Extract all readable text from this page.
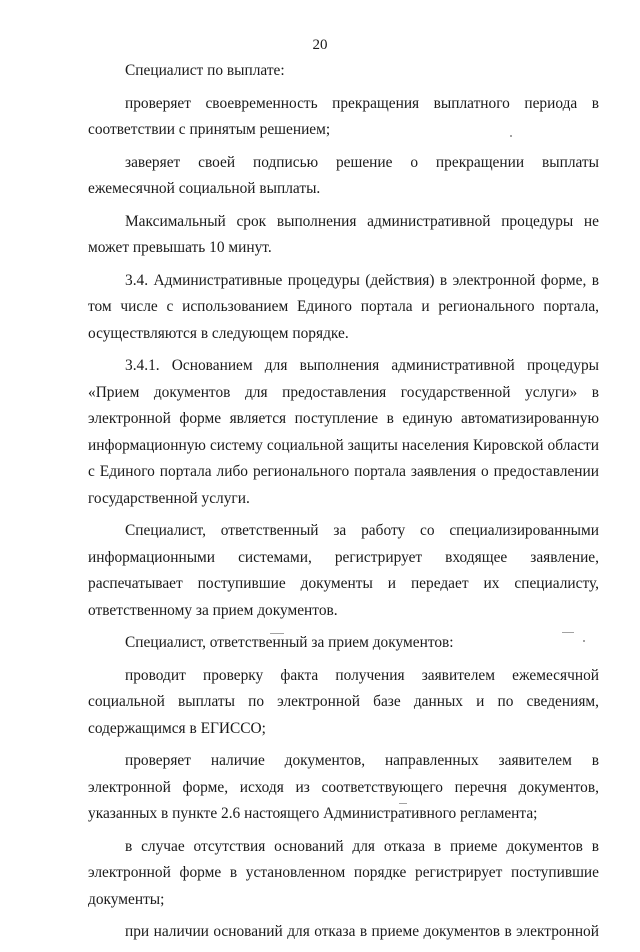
20

Специалист по выплате:

проверяет своевременность прекращения выплатного периода в соответствии с принятым решением;

заверяет своей подписью решение о прекращении выплаты ежемесячной социальной выплаты.

Максимальный срок выполнения административной процедуры не может превышать 10 минут.

3.4. Административные процедуры (действия) в электронной форме, в том числе с использованием Единого портала и регионального портала, осуществляются в следующем порядке.

3.4.1. Основанием для выполнения административной процедуры «Прием документов для предоставления государственной услуги» в электронной форме является поступление в единую автоматизированную информационную систему социальной защиты населения Кировской области с Единого портала либо регионального портала заявления о предоставлении государственной услуги.

Специалист, ответственный за работу со специализированными информационными системами, регистрирует входящее заявление, распечатывает поступившие документы и передает их специалисту, ответственному за прием документов.

Специалист, ответственный за прием документов:

проводит проверку факта получения заявителем ежемесячной социальной выплаты по электронной базе данных и по сведениям, содержащимся в ЕГИССО;

проверяет наличие документов, направленных заявителем в электронной форме, исходя из соответствующего перечня документов, указанных в пункте 2.6 настоящего Административного регламента;

в случае отсутствия оснований для отказа в приеме документов в электронной форме в установленном порядке регистрирует поступившие документы;

при наличии оснований для отказа в приеме документов в электронной
